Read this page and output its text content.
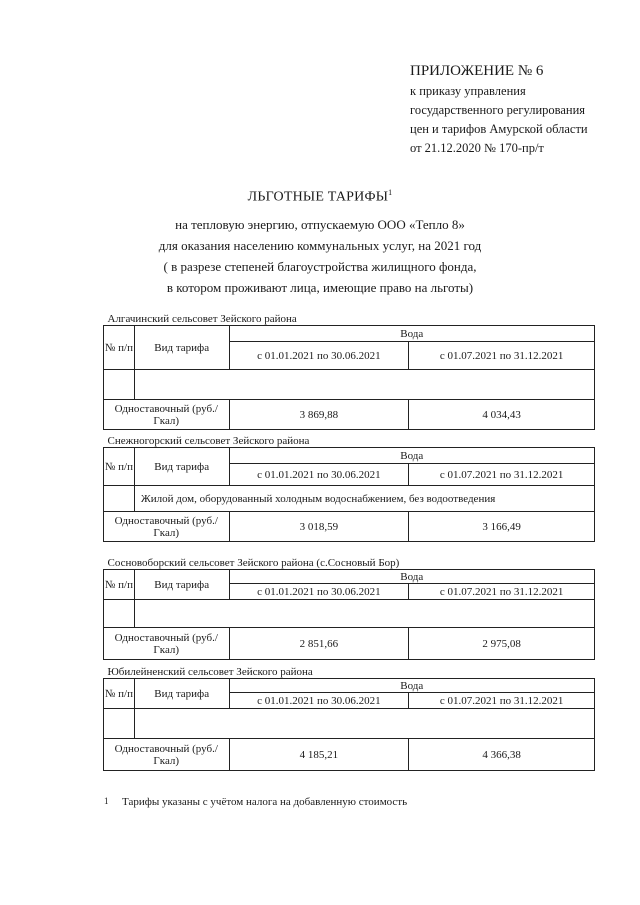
ПРИЛОЖЕНИЕ № 6
к приказу управления
государственного регулирования
цен и тарифов Амурской области
от 21.12.2020 № 170-пр/т
ЛЬГОТНЫЕ ТАРИФЫ$^1$
на тепловую энергию, отпускаемую ООО «Тепло 8»
для оказания населению коммунальных услуг, на 2021 год
( в разрезе степеней благоустройства жилищного фонда,
в котором проживают лица, имеющие право на льготы)
Алгачинский сельсовет Зейского района			
№ п/п	Вид тарифа	Вода	
		с 01.01.2021 по 30.06.2021	с 01.07.2021 по 31.12.2021

Одноставочный (руб./Гкал)		3 869,88	4 034,43
Снежногорский сельсовет Зейского района			
№ п/п	Вид тарифа	Вода	
		с 01.01.2021 по 30.06.2021	с 01.07.2021 по 31.12.2021
	Жилой дом, оборудованный холодным водоснабжением, без водоотведения		
Одноставочный (руб./Гкал)		3 018,59	3 166,49
Сосновоборский сельсовет Зейского района (с.Сосновый Бор)			
№ п/п	Вид тарифа	Вода	
		с 01.01.2021 по 30.06.2021	с 01.07.2021 по 31.12.2021

Одноставочный (руб./Гкал)		2 851,66	2 975,08
Юбилейненский сельсовет Зейского района			
№ п/п	Вид тарифа	Вода	
		с 01.01.2021 по 30.06.2021	с 01.07.2021 по 31.12.2021

Одноставочный (руб./Гкал)		4 185,21	4 366,38
1 Тарифы указаны с учётом налога на добавленную стоимость
